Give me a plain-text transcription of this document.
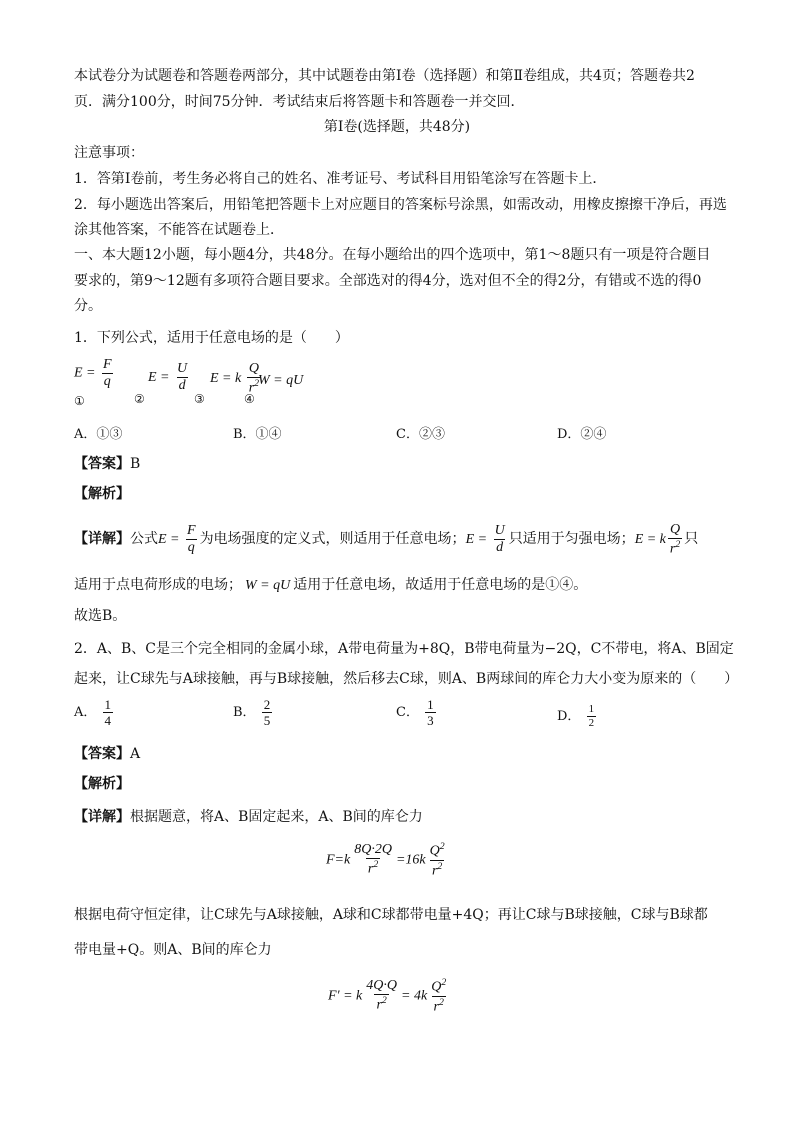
本试卷分为试题卷和答题卷两部分，其中试题卷由第Ⅰ卷（选择题）和第Ⅱ卷组成，共4页；答题卷共2
页．满分100分，时间75分钟．考试结束后将答题卡和答题卷一并交回．
第Ⅰ卷(选择题，共48分)
注意事项：
1．答第Ⅰ卷前，考生务必将自己的姓名、准考证号、考试科目用铅笔涂写在答题卡上．
2．每小题选出答案后，用铅笔把答题卡上对应题目的答案标号涂黑，如需改动，用橡皮擦擦干净后，再选
涂其他答案，不能答在试题卷上．
一、本大题12小题，每小题4分，共48分。在每小题给出的四个选项中，第1～8题只有一项是符合题目
要求的，第9～12题有多项符合题目要求。全部选对的得4分，选对但不全的得2分，有错或不选的得0
分。
1．下列公式，适用于任意电场的是（　　）
$E = \frac{F}{q}$
①	②
$E = \frac{U}{d}$
③
E = k $\frac{Q}{r^2}$
④
W = qU
A．①③	B．①④	C．②③	D．②④
【答案】B
【解析】
【详解】公式$E = \frac{F}{q}$ 为电场强度的定义式，则适用于任意电场；$E = \frac{U}{d}$ 只适用于匀强电场；E = k $\frac{Q}{r^2}$ 只
适用于点电荷形成的电场； W = qU 适用于任意电场，故适用于任意电场的是①④。
故选B。
2．A、B、C是三个完全相同的金属小球，A带电荷量为+8Q，B带电荷量为−2Q，C不带电，将A、B固定
起来，让C球先与A球接触，再与B球接触，然后移去C球，则A、B两球间的库仑力大小变为原来的（　　）
A． $\frac{1}{4}$	B． $\frac{2}{5}$	C． $\frac{1}{3}$	D． $\frac{1}{2}$
【答案】A
【解析】
【详解】根据题意，将A、B固定起来，A、B间的库仑力
$F=k \frac{8Q\cdot 2Q}{r^2} =16k \frac{Q^2}{r^2}$
根据电荷守恒定律，让C球先与A球接触，A球和C球都带电量+4Q；再让C球与B球接触，C球与B球都
带电量+Q。则A、B间的库仑力
F′ = k $\frac{4Q\cdot Q}{r^2} = 4k \frac{Q^2}{r^2}$
